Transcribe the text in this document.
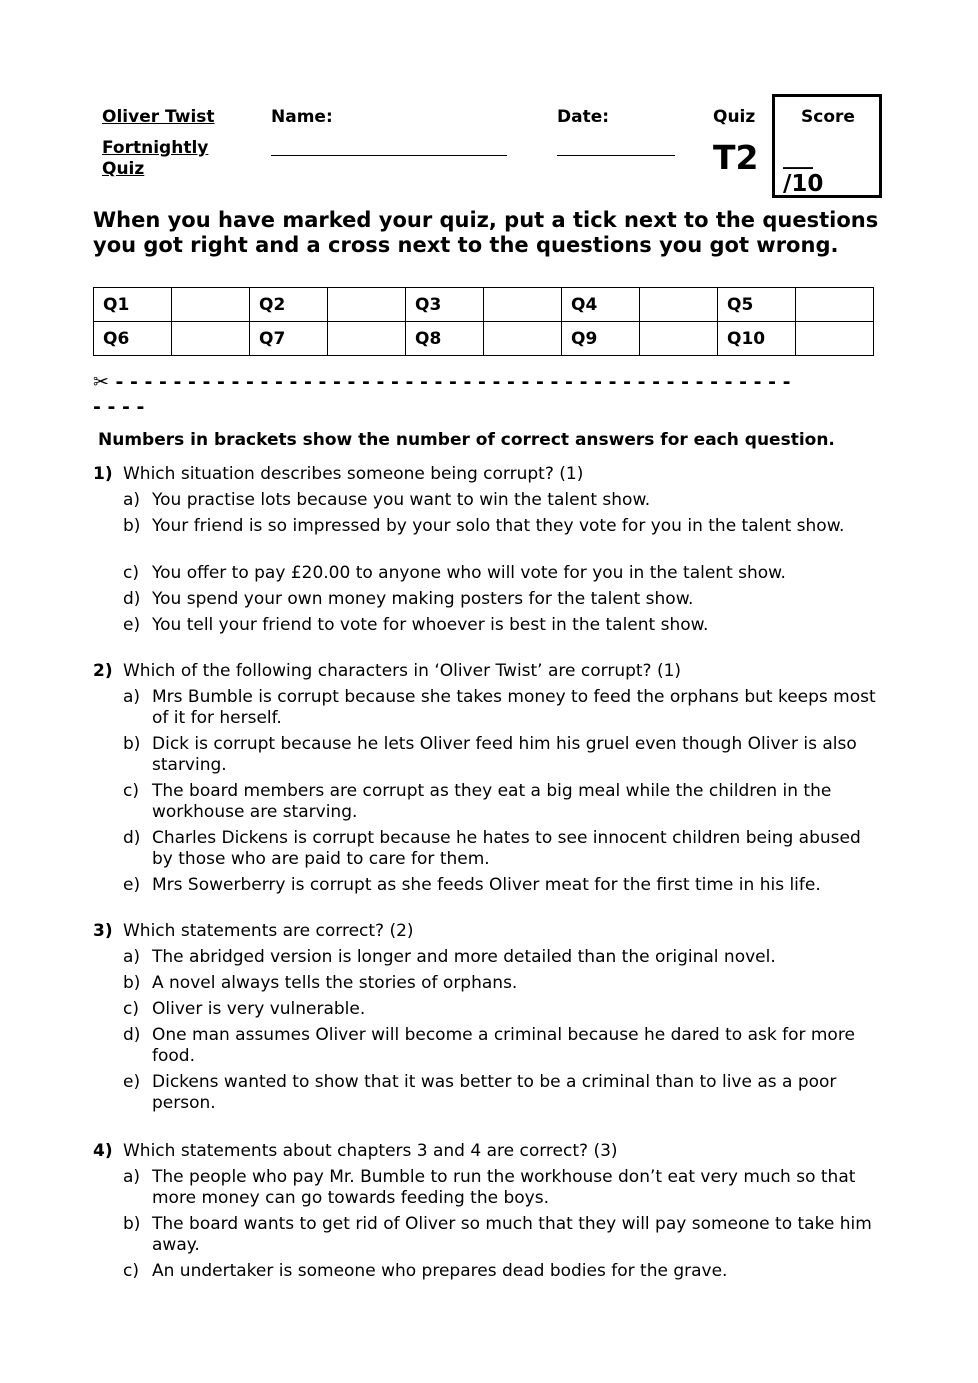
Oliver Twist
Fortnightly Quiz
Name:	Date:	Quiz
T2
Score
___
/10
When you have marked your quiz, put a tick next to the questions you got right and a cross next to the questions you got wrong.
Q1		Q2		Q3		Q4		Q5	
Q6		Q7		Q8		Q9		Q10	
✂ - - - - - - - - - - - - - - - - - - - - - - - - - - - - - - - - - - - - - - - - - - - - - - -
- - - -
Numbers in brackets show the number of correct answers for each question.
1) Which situation describes someone being corrupt? (1)
a) You practise lots because you want to win the talent show.
b) Your friend is so impressed by your solo that they vote for you in the talent show.
c) You offer to pay £20.00 to anyone who will vote for you in the talent show.
d) You spend your own money making posters for the talent show.
e) You tell your friend to vote for whoever is best in the talent show.
2) Which of the following characters in ‘Oliver Twist’ are corrupt? (1)
a) Mrs Bumble is corrupt because she takes money to feed the orphans but keeps most of it for herself.
b) Dick is corrupt because he lets Oliver feed him his gruel even though Oliver is also starving.
c) The board members are corrupt as they eat a big meal while the children in the workhouse are starving.
d) Charles Dickens is corrupt because he hates to see innocent children being abused by those who are paid to care for them.
e) Mrs Sowerberry is corrupt as she feeds Oliver meat for the first time in his life.
3) Which statements are correct? (2)
a) The abridged version is longer and more detailed than the original novel.
b) A novel always tells the stories of orphans.
c) Oliver is very vulnerable.
d) One man assumes Oliver will become a criminal because he dared to ask for more food.
e) Dickens wanted to show that it was better to be a criminal than to live as a poor person.
4) Which statements about chapters 3 and 4 are correct? (3)
a) The people who pay Mr. Bumble to run the workhouse don’t eat very much so that more money can go towards feeding the boys.
b) The board wants to get rid of Oliver so much that they will pay someone to take him away.
c) An undertaker is someone who prepares dead bodies for the grave.
